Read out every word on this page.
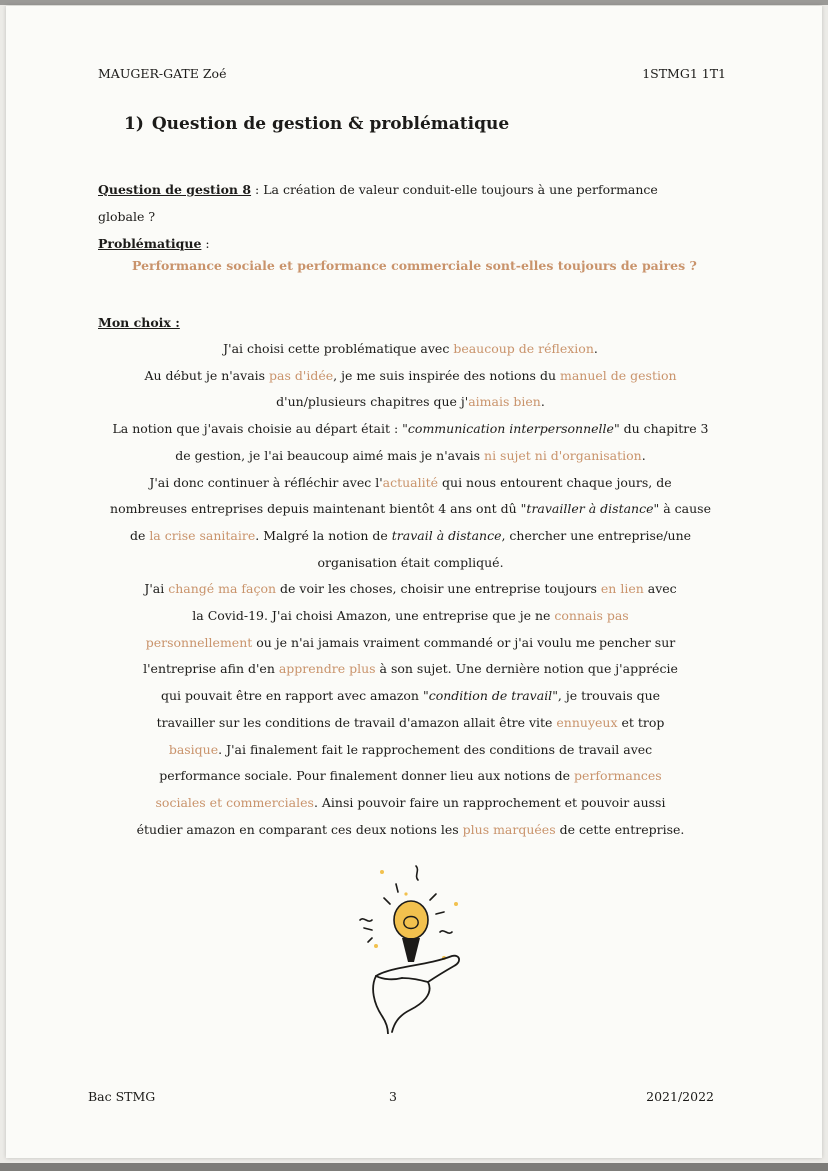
MAUGER-GATE Zoé	1STMG1 1T1
1) Question de gestion & problématique
Question de gestion 8 : La création de valeur conduit-elle toujours à une performance
globale ?
Problématique :
Performance sociale et performance commerciale sont-elles toujours de paires ?
Mon choix :
J'ai choisi cette problématique avec beaucoup de réflexion.
Au début je n'avais pas d'idée, je me suis inspirée des notions du manuel de gestion
d'un/plusieurs chapitres que j'aimais bien.
La notion que j'avais choisie au départ était : "communication interpersonnelle" du chapitre 3
de gestion, je l'ai beaucoup aimé mais je n'avais ni sujet ni d'organisation.
J'ai donc continuer à réfléchir avec l'actualité qui nous entourent chaque jours, de
nombreuses entreprises depuis maintenant bientôt 4 ans ont dû "travailler à distance" à cause
de la crise sanitaire. Malgré la notion de travail à distance, chercher une entreprise/une
organisation était compliqué.
J'ai changé ma façon de voir les choses, choisir une entreprise toujours en lien avec
la Covid-19. J'ai choisi Amazon, une entreprise que je ne connais pas
personnellement ou je n'ai jamais vraiment commandé or j'ai voulu me pencher sur
l'entreprise afin d'en apprendre plus à son sujet. Une dernière notion que j'apprécie
qui pouvait être en rapport avec amazon "condition de travail", je trouvais que
travailler sur les conditions de travail d'amazon allait être vite ennuyeux et trop
basique. J'ai finalement fait le rapprochement des conditions de travail avec
performance sociale. Pour finalement donner lieu aux notions de performances
sociales et commerciales. Ainsi pouvoir faire un rapprochement et pouvoir aussi
étudier amazon en comparant ces deux notions les plus marquées de cette entreprise.
Bac STMG	3	2021/2022
